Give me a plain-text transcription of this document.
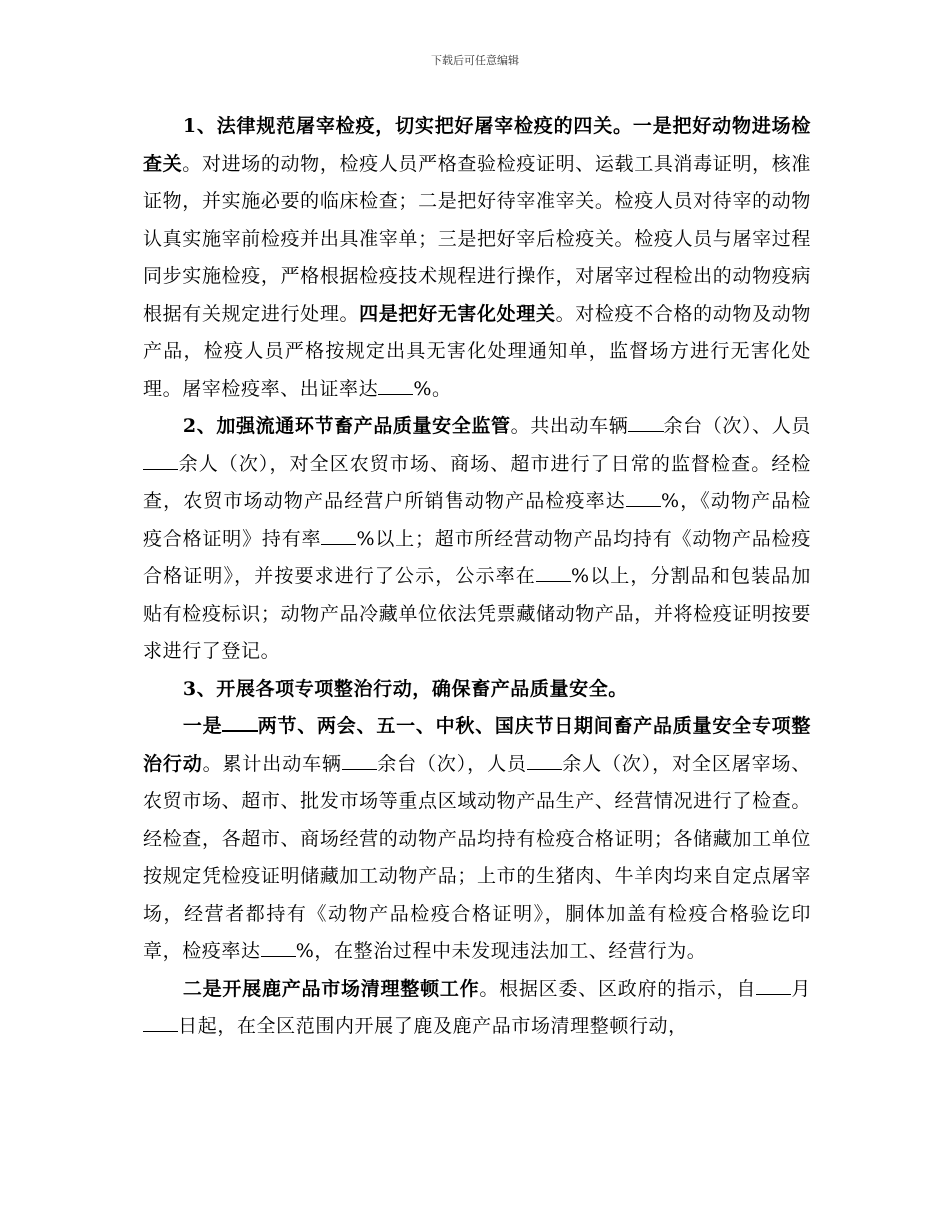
下载后可任意编辑

1、法律规范屠宰检疫，切实把好屠宰检疫的四关。一是把好动物进场检查关。对进场的动物，检疫人员严格查验检疫证明、运载工具消毒证明，核准证物，并实施必要的临床检查；二是把好待宰准宰关。检疫人员对待宰的动物认真实施宰前检疫并出具准宰单；三是把好宰后检疫关。检疫人员与屠宰过程同步实施检疫，严格根据检疫技术规程进行操作，对屠宰过程检出的动物疫病根据有关规定进行处理。四是把好无害化处理关。对检疫不合格的动物及动物产品，检疫人员严格按规定出具无害化处理通知单，监督场方进行无害化处理。屠宰检疫率、出证率达 %。

2、加强流通环节畜产品质量安全监管。共出动车辆 余台（次）、人员余人（次），对全区农贸市场、商场、超市进行了日常的监督检查。经检查，农贸市场动物产品经营户所销售动物产品检疫率达 %，《动物产品检疫合格证明》持有率 %以上；超市所经营动物产品均持有《动物产品检疫合格证明》，并按要求进行了公示，公示率在 %以上，分割品和包装品加贴有检疫标识；动物产品冷藏单位依法凭票藏储动物产品，并将检疫证明按要求进行了登记。

3、开展各项专项整治行动，确保畜产品质量安全。

一是 两节、两会、五一、中秋、国庆节日期间畜产品质量安全专项整治行动。累计出动车辆 余台（次），人员 余人（次），对全区屠宰场、农贸市场、超市、批发市场等重点区域动物产品生产、经营情况进行了检查。经检查，各超市、商场经营的动物产品均持有检疫合格证明；各储藏加工单位按规定凭检疫证明储藏加工动物产品；上市的生猪肉、牛羊肉均来自定点屠宰场，经营者都持有《动物产品检疫合格证明》，胴体加盖有检疫合格验讫印章，检疫率达 %，在整治过程中未发现违法加工、经营行为。

二是开展鹿产品市场清理整顿工作。根据区委、区政府的指示，自 月日起，在全区范围内开展了鹿及鹿产品市场清理整顿行动，
